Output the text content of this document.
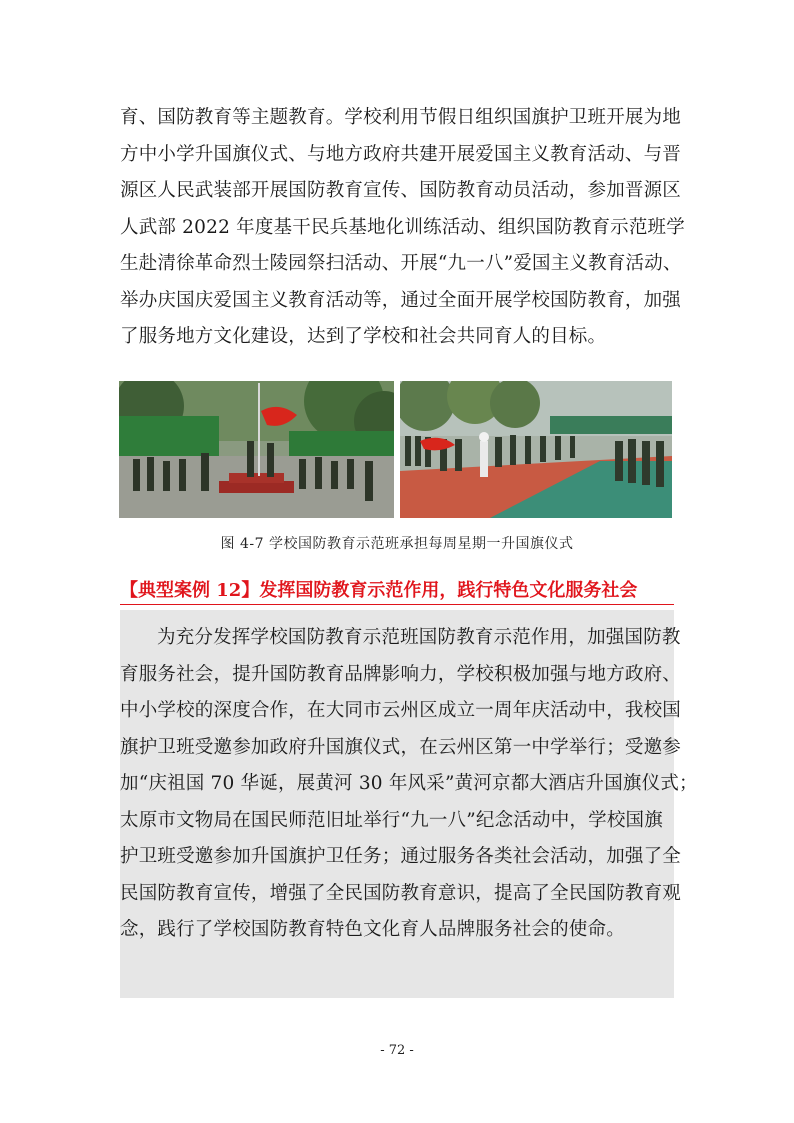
育、国防教育等主题教育。学校利用节假日组织国旗护卫班开展为地
方中小学升国旗仪式、与地方政府共建开展爱国主义教育活动、与晋
源区人民武装部开展国防教育宣传、国防教育动员活动，参加晋源区
人武部 2022 年度基干民兵基地化训练活动、组织国防教育示范班学
生赴清徐革命烈士陵园祭扫活动、开展“九一八”爱国主义教育活动、
举办庆国庆爱国主义教育活动等，通过全面开展学校国防教育，加强
了服务地方文化建设，达到了学校和社会共同育人的目标。
图 4-7 学校国防教育示范班承担每周星期一升国旗仪式
【典型案例 12】发挥国防教育示范作用，践行特色文化服务社会
为充分发挥学校国防教育示范班国防教育示范作用，加强国防教
育服务社会，提升国防教育品牌影响力，学校积极加强与地方政府、
中小学校的深度合作，在大同市云州区成立一周年庆活动中，我校国
旗护卫班受邀参加政府升国旗仪式，在云州区第一中学举行；受邀参
加“庆祖国 70 华诞，展黄河 30 年风采”黄河京都大酒店升国旗仪式；
太原市文物局在国民师范旧址举行“九一八”纪念活动中，学校国旗
护卫班受邀参加升国旗护卫任务；通过服务各类社会活动，加强了全
民国防教育宣传，增强了全民国防教育意识，提高了全民国防教育观
念，践行了学校国防教育特色文化育人品牌服务社会的使命。
- 72 -
